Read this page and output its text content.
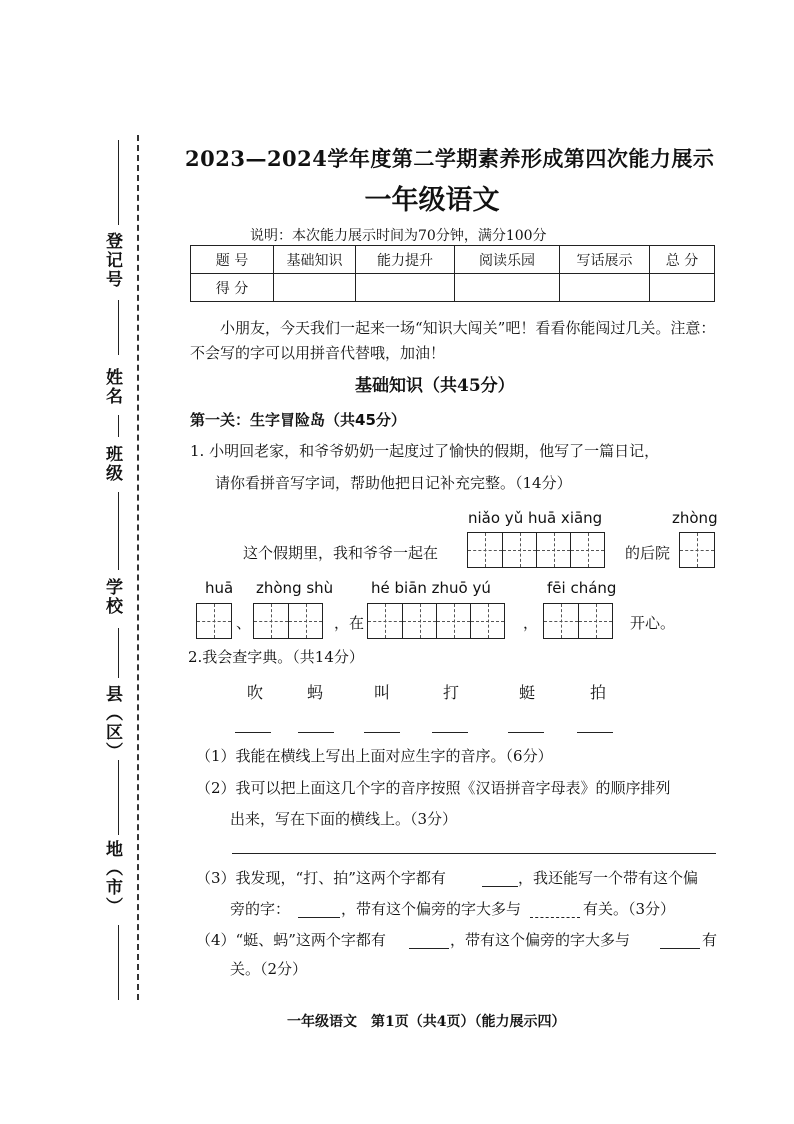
登记号
姓名
班级
学校
县（区）
地（市）
2023—2024学年度第二学期素养形成第四次能力展示
一年级语文
说明：本次能力展示时间为70分钟，满分100分
题 号	基础知识	能力提升	阅读乐园	写话展示	总 分
得 分					
小朋友，今天我们一起来一场“知识大闯关”吧！看看你能闯过几关。注意：不会写的字可以用拼音代替哦，加油！
基础知识（共45分）
第一关：生字冒险岛（共45分）
1. 小明回老家，和爷爷奶奶一起度过了愉快的假期，他写了一篇日记，
请你看拼音写字词，帮助他把日记补充完整。（14分）
niǎo yǔ huā xiāng	zhòng
这个假期里，我和爷爷一起在	的后院
huā zhòng shù	hé biān zhuō yú	fēi cháng
、	，在	，	开心。
2.我会查字典。（共14分）
吹	蚂	叫	打	蜓	拍
（1）我能在横线上写出上面对应生字的音序。（6分）
（2）我可以把上面这几个字的音序按照《汉语拼音字母表》的顺序排列
出来，写在下面的横线上。（3分）
（3）我发现，“打、拍”这两个字都有	，我还能写一个带有这个偏
旁的字：	，带有这个偏旁的字大多与	有关。（3分）
（4）“蜓、蚂”这两个字都有	，带有这个偏旁的字大多与	有
关。（2分）
一年级语文　第1页（共4页）（能力展示四）
